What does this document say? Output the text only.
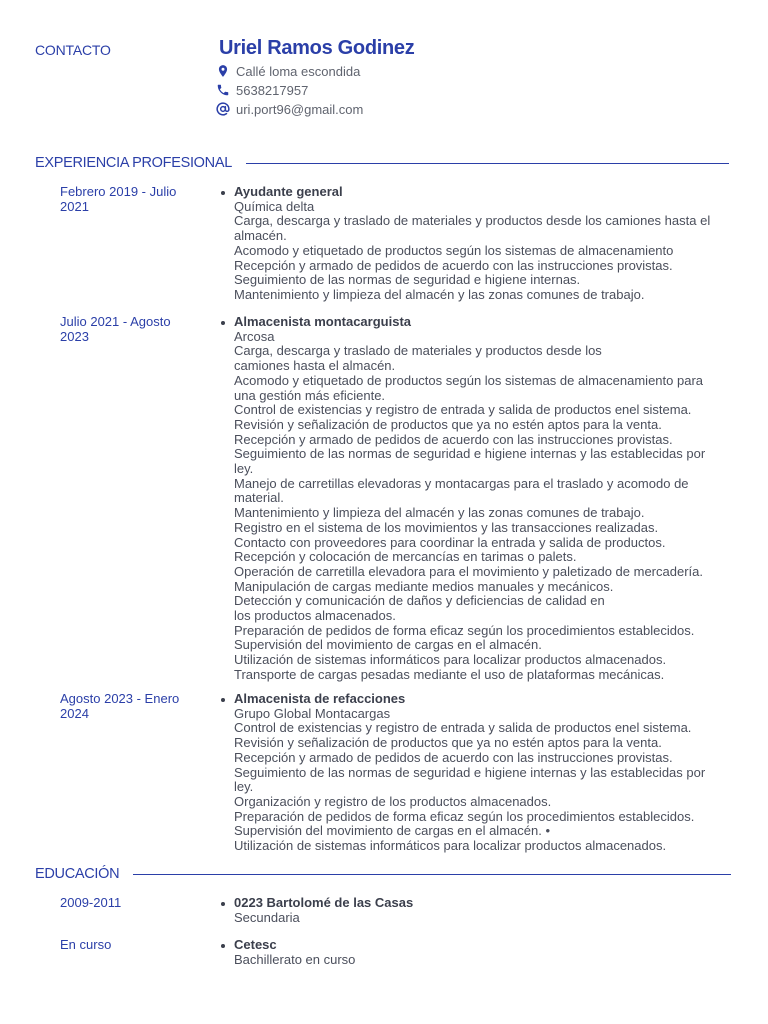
CONTACTO	Uriel Ramos Godinez
Callé loma escondida
5638217957
uri.port96@gmail.com
EXPERIENCIA PROFESIONAL
Febrero 2019 - Julio 2021
Ayudante general
Química delta
Carga, descarga y traslado de materiales y productos desde los camiones hasta el
almacén.
Acomodo y etiquetado de productos según los sistemas de almacenamiento
Recepción y armado de pedidos de acuerdo con las instrucciones provistas.
Seguimiento de las normas de seguridad e higiene internas.
Mantenimiento y limpieza del almacén y las zonas comunes de trabajo.
Julio 2021 - Agosto 2023
Almacenista montacarguista
Arcosa
Carga, descarga y traslado de materiales y productos desde los
camiones hasta el almacén.
Acomodo y etiquetado de productos según los sistemas de almacenamiento para
una gestión más eficiente.
Control de existencias y registro de entrada y salida de productos enel sistema.
Revisión y señalización de productos que ya no estén aptos para la venta.
Recepción y armado de pedidos de acuerdo con las instrucciones provistas.
Seguimiento de las normas de seguridad e higiene internas y las establecidas por
ley.
Manejo de carretillas elevadoras y montacargas para el traslado y acomodo de
material.
Mantenimiento y limpieza del almacén y las zonas comunes de trabajo.
Registro en el sistema de los movimientos y las transacciones realizadas.
Contacto con proveedores para coordinar la entrada y salida de productos.
Recepción y colocación de mercancías en tarimas o palets.
Operación de carretilla elevadora para el movimiento y paletizado de mercadería.
Manipulación de cargas mediante medios manuales y mecánicos.
Detección y comunicación de daños y deficiencias de calidad en
los productos almacenados.
Preparación de pedidos de forma eficaz según los procedimientos establecidos.
Supervisión del movimiento de cargas en el almacén.
Utilización de sistemas informáticos para localizar productos almacenados.
Transporte de cargas pesadas mediante el uso de plataformas mecánicas.
Agosto 2023 - Enero 2024
Almacenista de refacciones
Grupo Global Montacargas
Control de existencias y registro de entrada y salida de productos enel sistema.
Revisión y señalización de productos que ya no estén aptos para la venta.
Recepción y armado de pedidos de acuerdo con las instrucciones provistas.
Seguimiento de las normas de seguridad e higiene internas y las establecidas por
ley.
Organización y registro de los productos almacenados.
Preparación de pedidos de forma eficaz según los procedimientos establecidos.
Supervisión del movimiento de cargas en el almacén. •
Utilización de sistemas informáticos para localizar productos almacenados.
EDUCACIÓN
2009-2011	0223 Bartolomé de las Casas
Secundaria
En curso	Cetesc
Bachillerato en curso
